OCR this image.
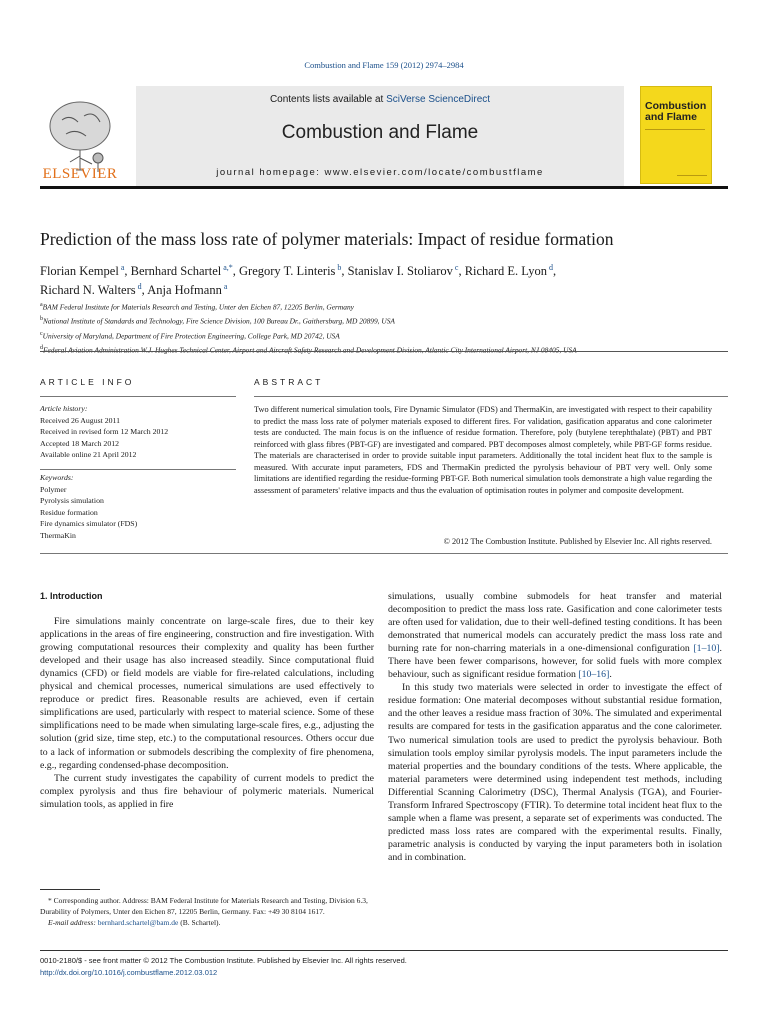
Combustion and Flame 159 (2012) 2974–2984
ELSEVIER
Contents lists available at SciVerse ScienceDirect
Combustion and Flame
journal homepage: www.elsevier.com/locate/combustflame
Combustion
and Flame
Prediction of the mass loss rate of polymer materials: Impact of residue formation
Florian Kempel $^a$, Bernhard Schartel $^{a,*}$, Gregory T. Linteris $^b$, Stanislav I. Stoliarov $^c$, Richard E. Lyon $^d$,
Richard N. Walters $^d$, Anja Hofmann $^a$
$^a$BAM Federal Institute for Materials Research and Testing, Unter den Eichen 87, 12205 Berlin, Germany
$^b$National Institute of Standards and Technology, Fire Science Division, 100 Bureau Dr., Gaithersburg, MD 20899, USA
$^c$University of Maryland, Department of Fire Protection Engineering, College Park, MD 20742, USA
$^d$
ARTICLE INFO	ABSTRACT
Article history:
Received 26 August 2011
Received in revised form 12 March 2012
Accepted 18 March 2012
Available online 21 April 2012
Keywords:
Polymer
Pyrolysis simulation
Residue formation
Fire dynamics simulator (FDS)
ThermaKin
Two different numerical simulation tools, Fire Dynamic Simulator (FDS) and ThermaKin, are investigated with respect to their capability to predict the mass loss rate of polymer materials exposed to different fires. For validation, gasification apparatus and cone calorimeter tests are conducted. The main focus is on the influence of residue formation. Therefore, poly (butylene terephthalate) (PBT) and PBT reinforced with glass fibres (PBT-GF) are investigated and compared. PBT decomposes almost completely, while PBT-GF forms residue. The materials are characterised in order to provide suitable input parameters. Additionally the total incident heat flux to the sample is measured. With accurate input parameters, FDS and ThermaKin predicted the pyrolysis behaviour of PBT very well. Only some limitations are identified regarding the residue-forming PBT-GF. Both numerical simulation tools demonstrate a high value regarding the assessment of parameters' relative impacts and thus the evaluation of optimisation routes in polymer and composite development.
© 2012 The Combustion Institute. Published by Elsevier Inc. All rights reserved.
1. Introduction

Fire simulations mainly concentrate on large-scale fires, due to their key applications in the areas of fire engineering, construction and fire investigation. With growing computational resources their complexity and quality has been further developed and their usage has also increased steadily. Since computational fluid dynamics (CFD) or field models are viable for fire-related calculations, including physical and chemical processes, numerical simulations are used effectively to reproduce or predict fires. Reasonable results are achieved, even if certain simplifications are used, particularly with respect to material science. Some of these simplifications need to be made when simulating large-scale fires, e.g., adjusting the solution (grid size, time step, etc.) to the computational resources. Others occur due to a lack of information or submodels describing the complexity of fire phenomena, e.g., regarding condensed-phase decomposition.

The current study investigates the capability of current models to predict the complex pyrolysis and thus fire behaviour of polymeric materials. Numerical simulation tools, as applied in fire

simulations, usually combine submodels for heat transfer and material decomposition to predict the mass loss rate. Gasification and cone calorimeter tests are often used for validation, due to their well-defined testing conditions. It has been demonstrated that numerical models can accurately predict the mass loss rate and burning rate for non-charring materials in a one-dimensional configuration [1–10]. There have been fewer comparisons, however, for solid fuels with more complex behaviour, such as significant residue formation [10–16].

In this study two materials were selected in order to investigate the effect of residue formation: One material decomposes without substantial residue formation, and the other leaves a residue mass fraction of 30%. The simulated and experimental results are compared for tests in the gasification apparatus and the cone calorimeter. Two numerical simulation tools are used to predict the pyrolysis behaviour. Both simulation tools employ similar pyrolysis models. The input parameters include the material properties and the boundary conditions of the tests. Where applicable, the material parameters were determined using independent test methods, including Differential Scanning Calorimetry (DSC), Thermal Analysis (TGA), and Fourier-Transform Infrared Spectroscopy (FTIR). To determine total incident heat flux to the sample when a flame was present, a separate set of experiments was conducted. The predicted mass loss rates are compared with the experimental results. Finally, parametric analysis is conducted by varying the input parameters both in isolation and in combination.

* Corresponding author. Address: BAM Federal Institute for Materials Research and Testing, Division 6.3, Durability of Polymers, Unter den Eichen 87, 12205 Berlin, Germany. Fax: +49 30 8104 1617.
E-mail address: bernhard.schartel@bam.de (B. Schartel).
0010-2180/$ - see front matter © 2012 The Combustion Institute. Published by Elsevier Inc. All rights reserved.
http://dx.doi.org/10.1016/j.combustflame.2012.03.012
